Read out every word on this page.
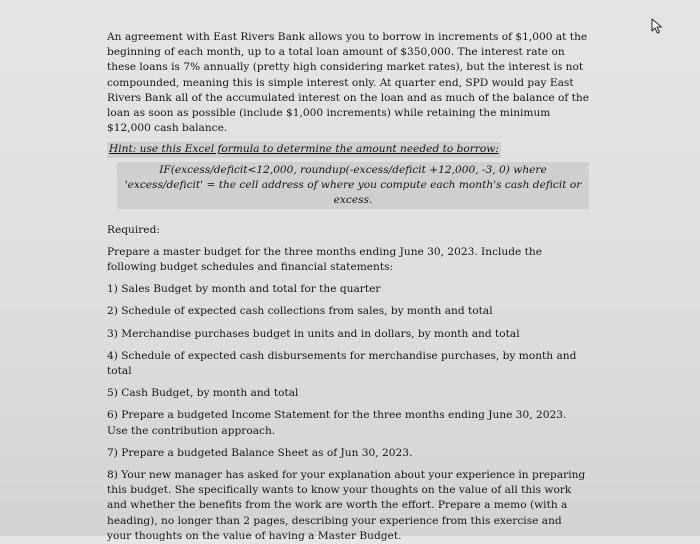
An agreement with East Rivers Bank allows you to borrow in increments of $1,000 at the beginning of each month, up to a total loan amount of $350,000. The interest rate on these loans is 7% annually (pretty high considering market rates), but the interest is not compounded, meaning this is simple interest only. At quarter end, SPD would pay East Rivers Bank all of the accumulated interest on the loan and as much of the balance of the loan as soon as possible (include $1,000 increments) while retaining the minimum $12,000 cash balance.

Hint: use this Excel formula to determine the amount needed to borrow:
IF(excess/deficit<12,000, roundup(-excess/deficit +12,000, -3, 0) where 'excess/deficit' = the cell address of where you compute each month's cash deficit or excess.

Required:

Prepare a master budget for the three months ending June 30, 2023. Include the following budget schedules and financial statements:

1) Sales Budget by month and total for the quarter
2) Schedule of expected cash collections from sales, by month and total
3) Merchandise purchases budget in units and in dollars, by month and total
4) Schedule of expected cash disbursements for merchandise purchases, by month and total
5) Cash Budget, by month and total
6) Prepare a budgeted Income Statement for the three months ending June 30, 2023. Use the contribution approach.
7) Prepare a budgeted Balance Sheet as of Jun 30, 2023.
8) Your new manager has asked for your explanation about your experience in preparing this budget. She specifically wants to know your thoughts on the value of all this work and whether the benefits from the work are worth the effort. Prepare a memo (with a heading), no longer than 2 pages, describing your experience from this exercise and your thoughts on the value of having a Master Budget.
